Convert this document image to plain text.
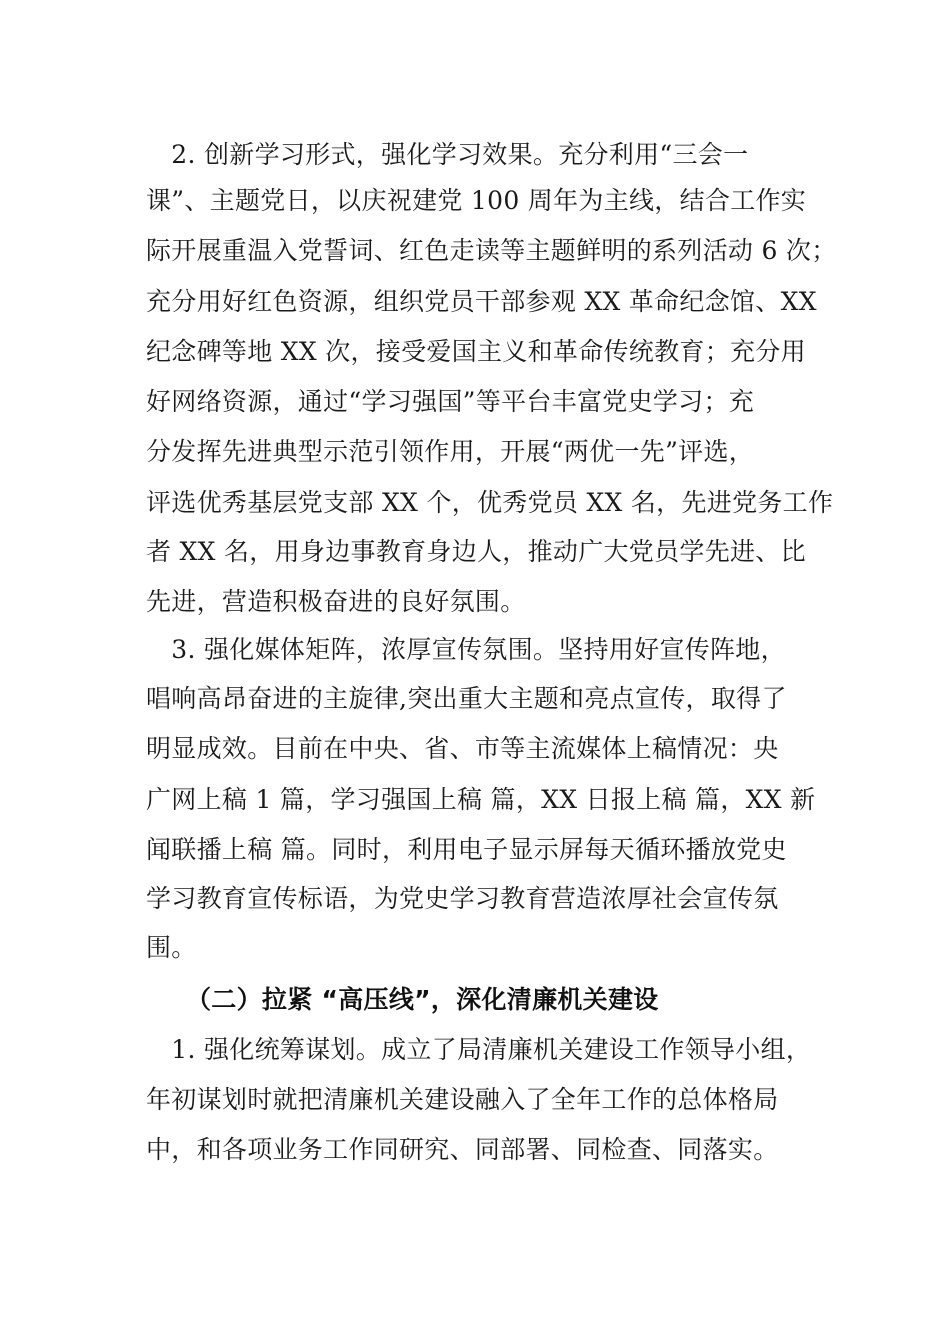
　2. 创新学习形式，强化学习效果。充分利用“三会一
课”、主题党日，以庆祝建党 100 周年为主线，结合工作实
际开展重温入党誓词、红色走读等主题鲜明的系列活动 6 次；
充分用好红色资源，组织党员干部参观 XX 革命纪念馆、XX
纪念碑等地 XX 次，接受爱国主义和革命传统教育；充分用
好网络资源，通过“学习强国”等平台丰富党史学习；充
分发挥先进典型示范引领作用，开展“两优一先”评选，
评选优秀基层党支部 XX 个，优秀党员 XX 名，先进党务工作
者 XX 名，用身边事教育身边人，推动广大党员学先进、比
先进，营造积极奋进的良好氛围。
　3. 强化媒体矩阵，浓厚宣传氛围。坚持用好宣传阵地，
唱响高昂奋进的主旋律,突出重大主题和亮点宣传，取得了
明显成效。目前在中央、省、市等主流媒体上稿情况：央
广网上稿 1 篇，学习强国上稿 篇，XX 日报上稿 篇，XX 新
闻联播上稿 篇。同时，利用电子显示屏每天循环播放党史
学习教育宣传标语，为党史学习教育营造浓厚社会宣传氛
围。
（二）拉紧 “高压线”，深化清廉机关建设
　1. 强化统筹谋划。成立了局清廉机关建设工作领导小组，
年初谋划时就把清廉机关建设融入了全年工作的总体格局
中，和各项业务工作同研究、同部署、同检查、同落实。
